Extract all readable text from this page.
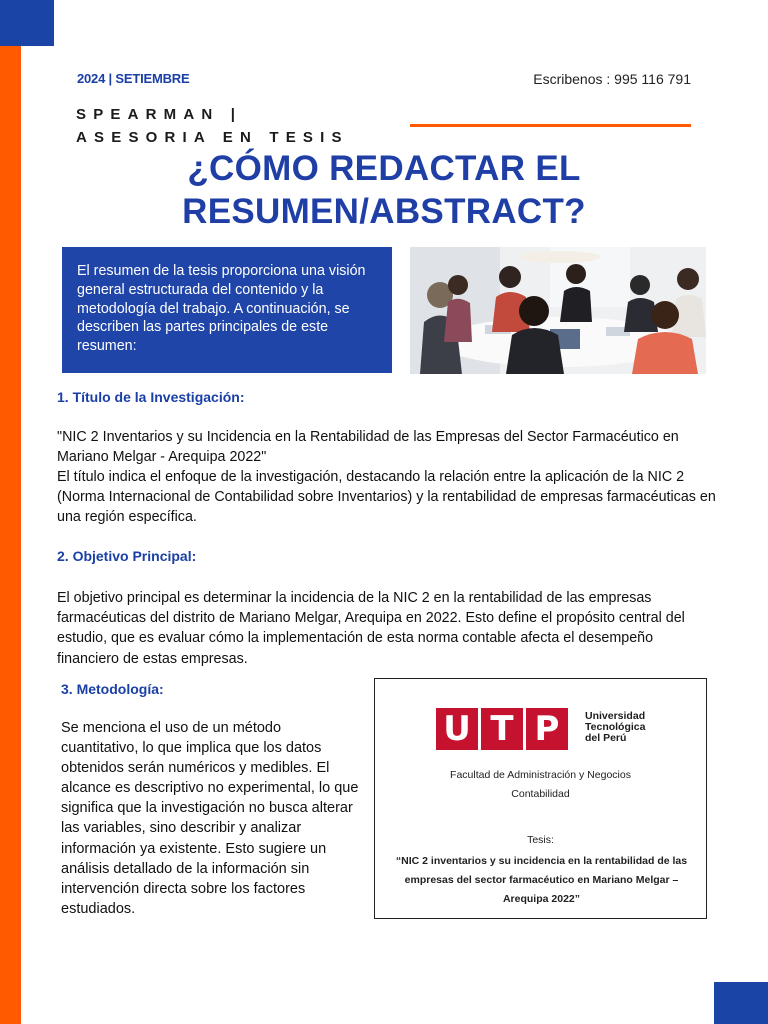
2024 | SETIEMBRE	Escribenos : 995 116 791
SPEARMAN |
ASESORIA EN TESIS
¿CÓMO REDACTAR EL
RESUMEN/ABSTRACT?

El resumen de la tesis proporciona una visión general estructurada del contenido y la metodología del trabajo. A continuación, se describen las partes principales de este resumen:

1. Título de la Investigación:

"NIC 2 Inventarios y su Incidencia en la Rentabilidad de las Empresas del Sector Farmacéutico en Mariano Melgar - Arequipa 2022"

El título indica el enfoque de la investigación, destacando la relación entre la aplicación de la NIC 2 (Norma Internacional de Contabilidad sobre Inventarios) y la rentabilidad de empresas farmacéuticas en una región específica.

2. Objetivo Principal:

El objetivo principal es determinar la incidencia de la NIC 2 en la rentabilidad de las empresas farmacéuticas del distrito de Mariano Melgar, Arequipa en 2022. Esto define el propósito central del estudio, que es evaluar cómo la implementación de esta norma contable afecta el desempeño financiero de estas empresas.

3. Metodología:

Se menciona el uso de un método cuantitativo, lo que implica que los datos obtenidos serán numéricos y medibles. El alcance es descriptivo no experimental, lo que significa que la investigación no busca alterar las variables, sino describir y analizar información ya existente. Esto sugiere un análisis detallado de la información sin intervención directa sobre los factores estudiados.

U T P	Universidad
Tecnológica
del Perú
Facultad de Administración y Negocios
Contabilidad
Tesis:
“NIC 2 inventarios y su incidencia en la rentabilidad de las empresas del sector farmacéutico en Mariano Melgar – Arequipa 2022”
